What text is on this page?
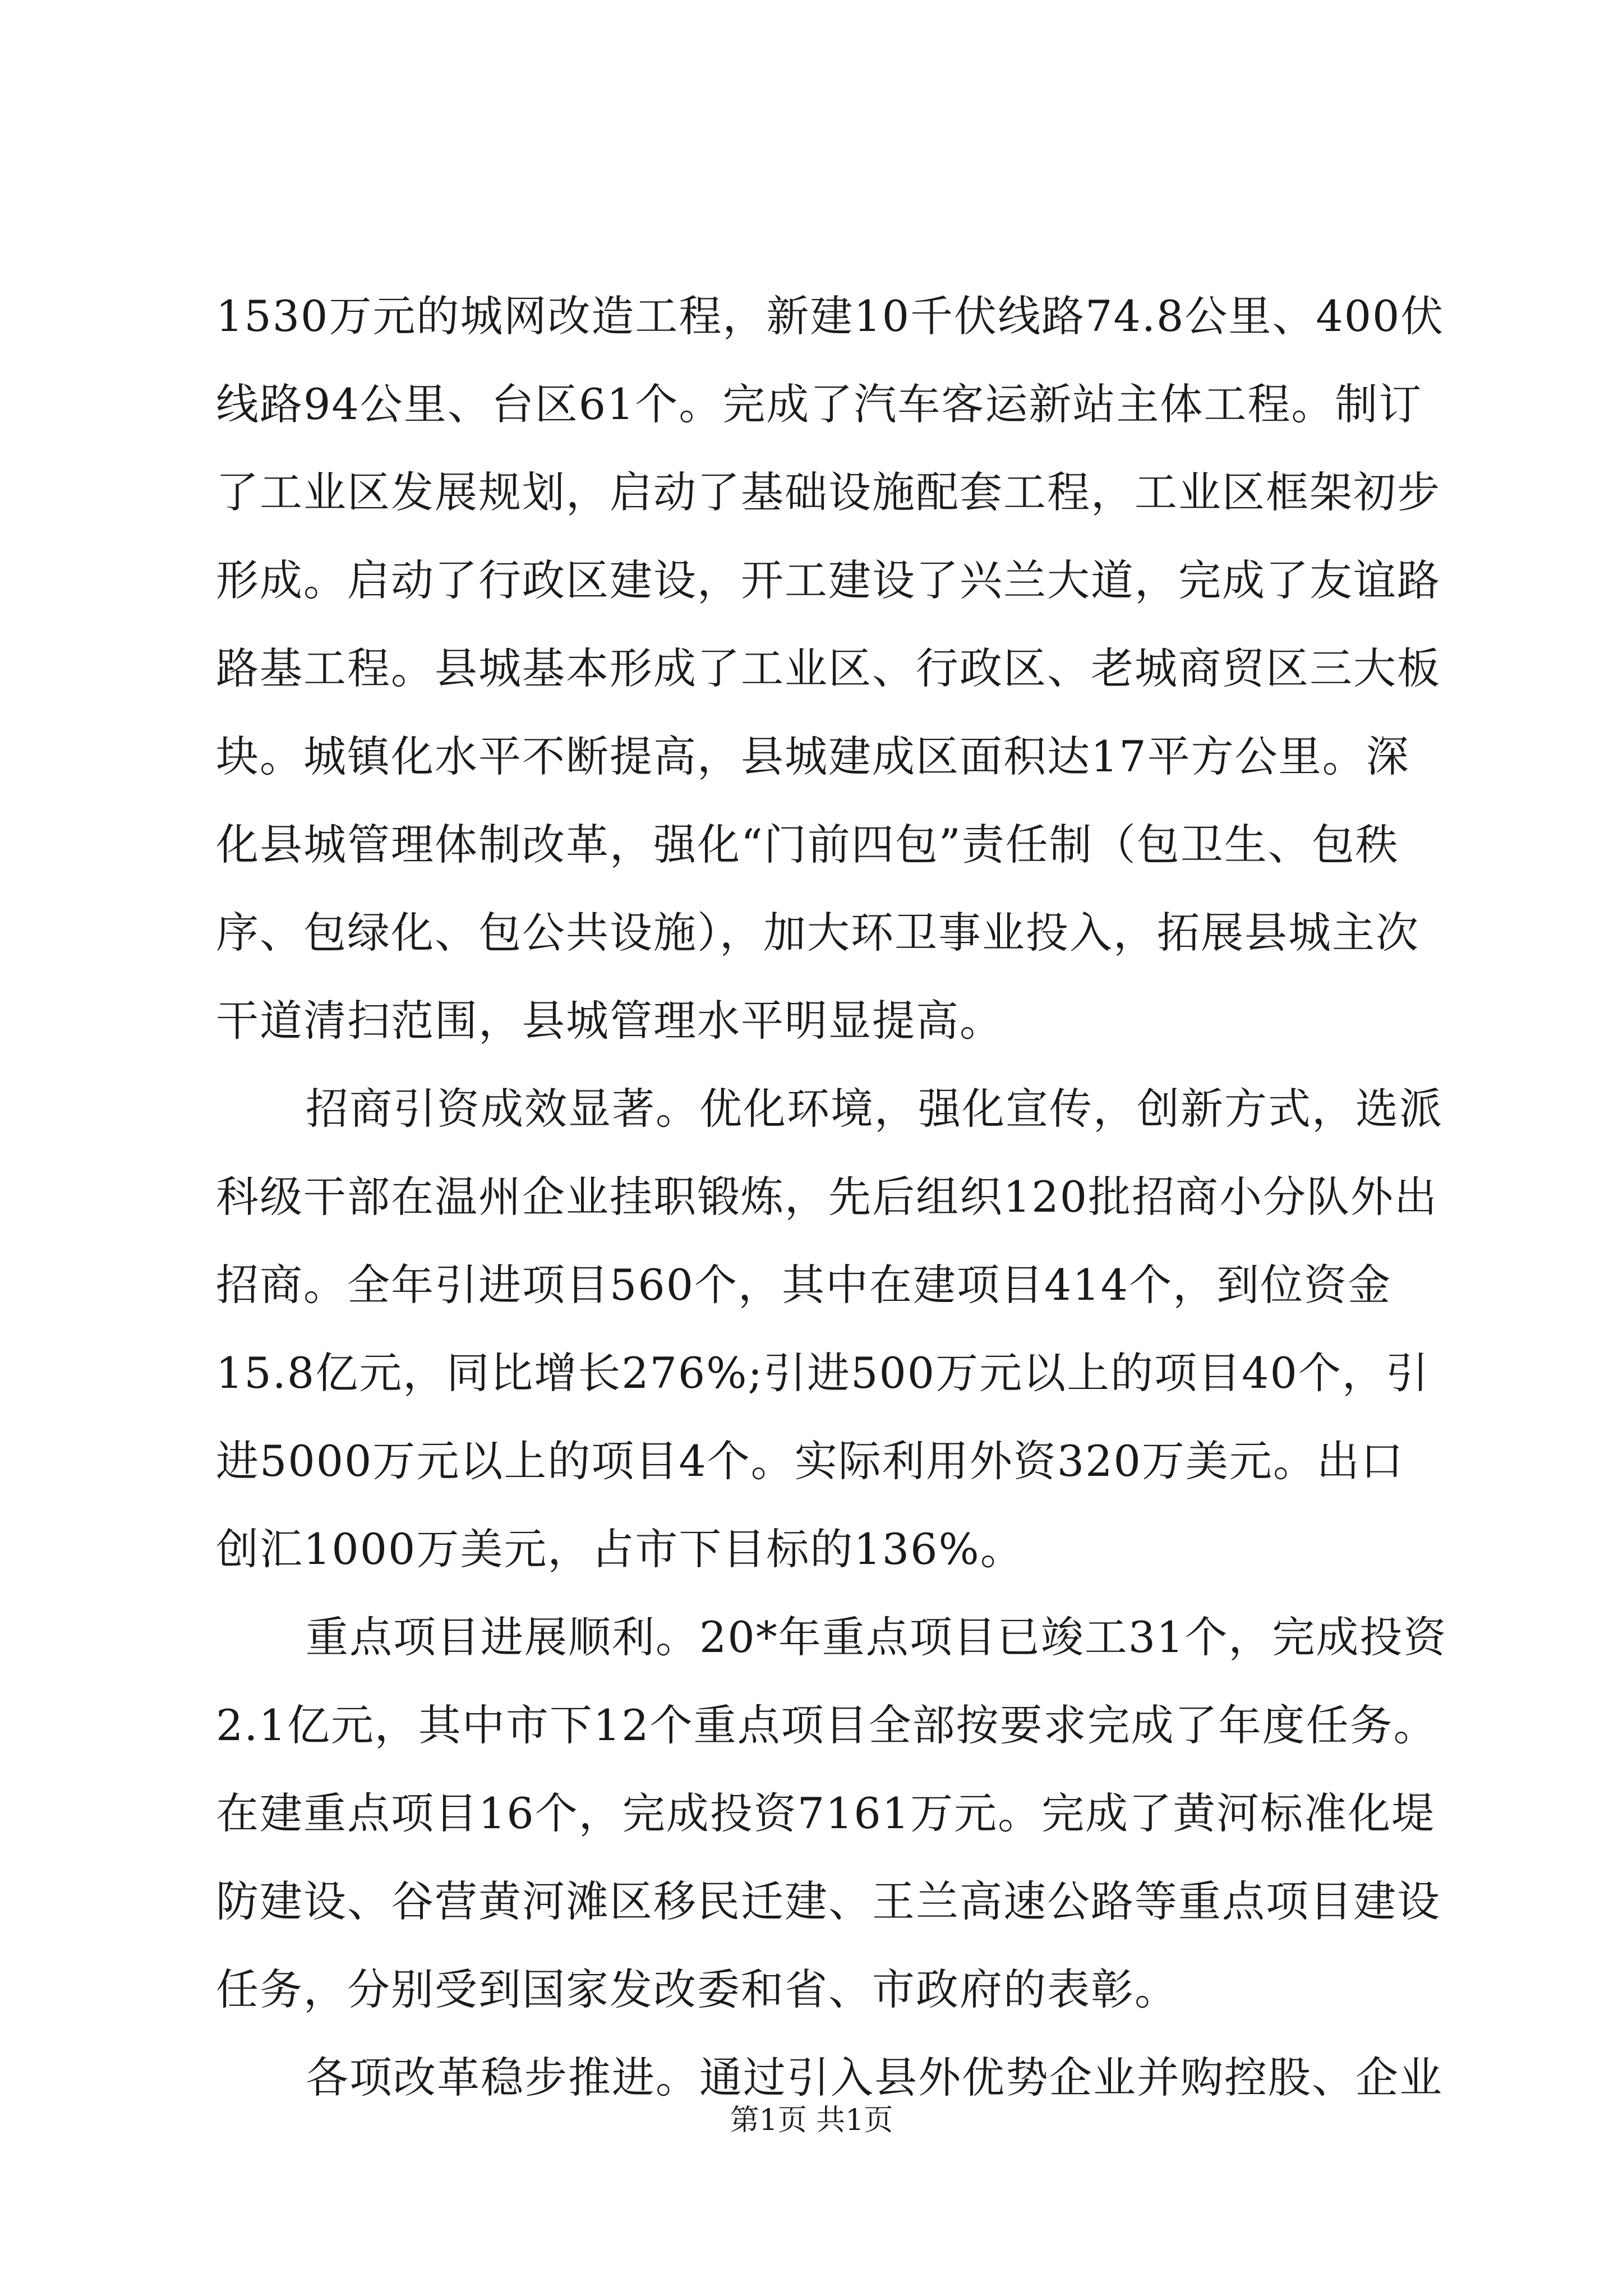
1530万元的城网改造工程，新建10千伏线路74.8公里、400伏
线路94公里、台区61个。完成了汽车客运新站主体工程。制订
了工业区发展规划，启动了基础设施配套工程，工业区框架初步
形成。启动了行政区建设，开工建设了兴兰大道，完成了友谊路
路基工程。县城基本形成了工业区、行政区、老城商贸区三大板
块。城镇化水平不断提高，县城建成区面积达17平方公里。深
化县城管理体制改革，强化“门前四包”责任制（包卫生、包秩
序、包绿化、包公共设施），加大环卫事业投入，拓展县城主次
干道清扫范围，县城管理水平明显提高。
招商引资成效显著。优化环境，强化宣传，创新方式，选派
科级干部在温州企业挂职锻炼，先后组织120批招商小分队外出
招商。全年引进项目560个，其中在建项目414个，到位资金
15.8亿元，同比增长276%;引进500万元以上的项目40个，引
进5000万元以上的项目4个。实际利用外资320万美元。出口
创汇1000万美元，占市下目标的136%。
重点项目进展顺利。20*年重点项目已竣工31个，完成投资
2.1亿元，其中市下12个重点项目全部按要求完成了年度任务。
在建重点项目16个，完成投资7161万元。完成了黄河标准化堤
防建设、谷营黄河滩区移民迁建、王兰高速公路等重点项目建设
任务，分别受到国家发改委和省、市政府的表彰。
各项改革稳步推进。通过引入县外优势企业并购控股、企业
第1页 共1页
